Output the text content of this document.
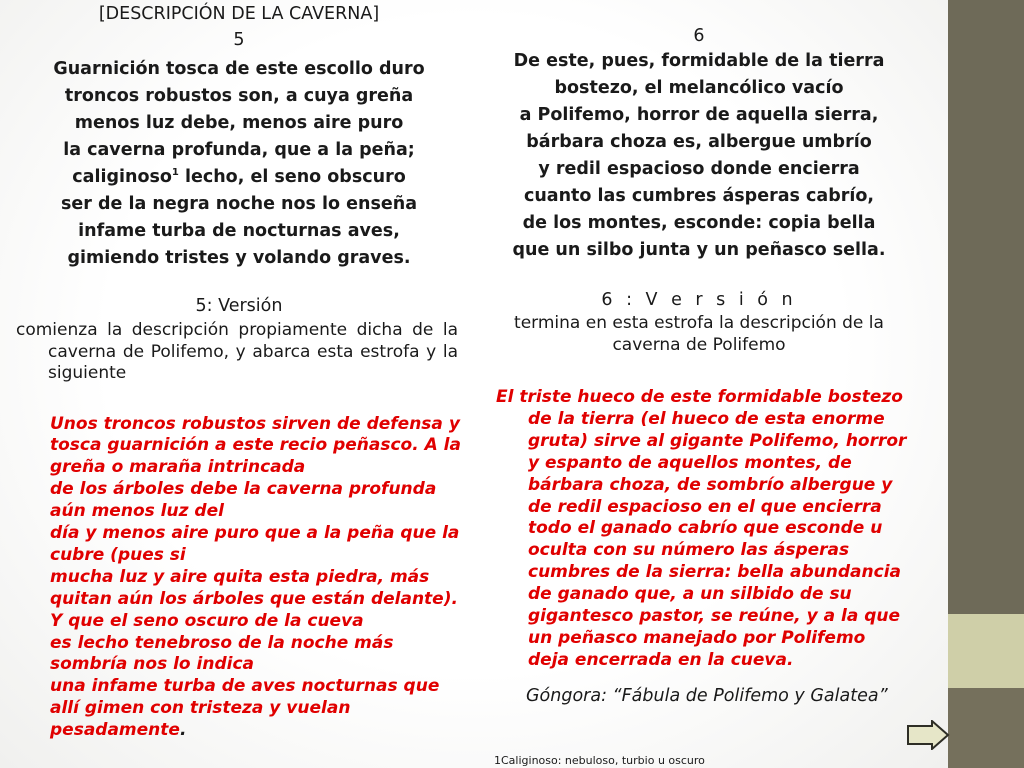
[DESCRIPCIÓN DE LA CAVERNA]
5
Guarnición tosca de este escollo duro
troncos robustos son, a cuya greña
menos luz debe, menos aire puro
la caverna profunda, que a la peña;
caliginoso$^1$ lecho, el seno obscuro
ser de la negra noche nos lo enseña
infame turba de nocturnas aves,
gimiendo tristes y volando graves.
5: Versión
comienza la descripción propiamente dicha de la caverna de Polifemo, y abarca esta estrofa y la siguiente
Unos troncos robustos sirven de defensa y
tosca guarnición a este recio peñasco. A la
greña o maraña intrincada
de los árboles debe la caverna profunda
aún menos luz del
día y menos aire puro que a la peña que la
cubre (pues si
mucha luz y aire quita esta piedra, más
quitan aún los árboles que están delante).
Y que el seno oscuro de la cueva
es lecho tenebroso de la noche más
sombría nos lo indica
una infame turba de aves nocturnas que
allí gimen con tristeza y vuelan
pesadamente.
6
De este, pues, formidable de la tierra
bostezo, el melancólico vacío
a Polifemo, horror de aquella sierra,
bárbara choza es, albergue umbrío
y redil espacioso donde encierra
cuanto las cumbres ásperas cabrío,
de los montes, esconde: copia bella
que un silbo junta y un peñasco sella.
6 : V e r s i ó n
termina en esta estrofa la descripción de la caverna de Polifemo
El triste hueco de este formidable bostezo de la tierra (el hueco de esta enorme gruta) sirve al gigante Polifemo, horror y espanto de aquellos montes, de bárbara choza, de sombrío albergue y de redil espacioso en el que encierra todo el ganado cabrío que esconde u oculta con su número las ásperas cumbres de la sierra: bella abundancia de ganado que, a un silbido de su gigantesco pastor, se reúne, y a la que un peñasco manejado por Polifemo deja encerrada en la cueva.
Góngora: “Fábula de Polifemo y Galatea”
1Caliginoso: nebuloso, turbio u oscuro
